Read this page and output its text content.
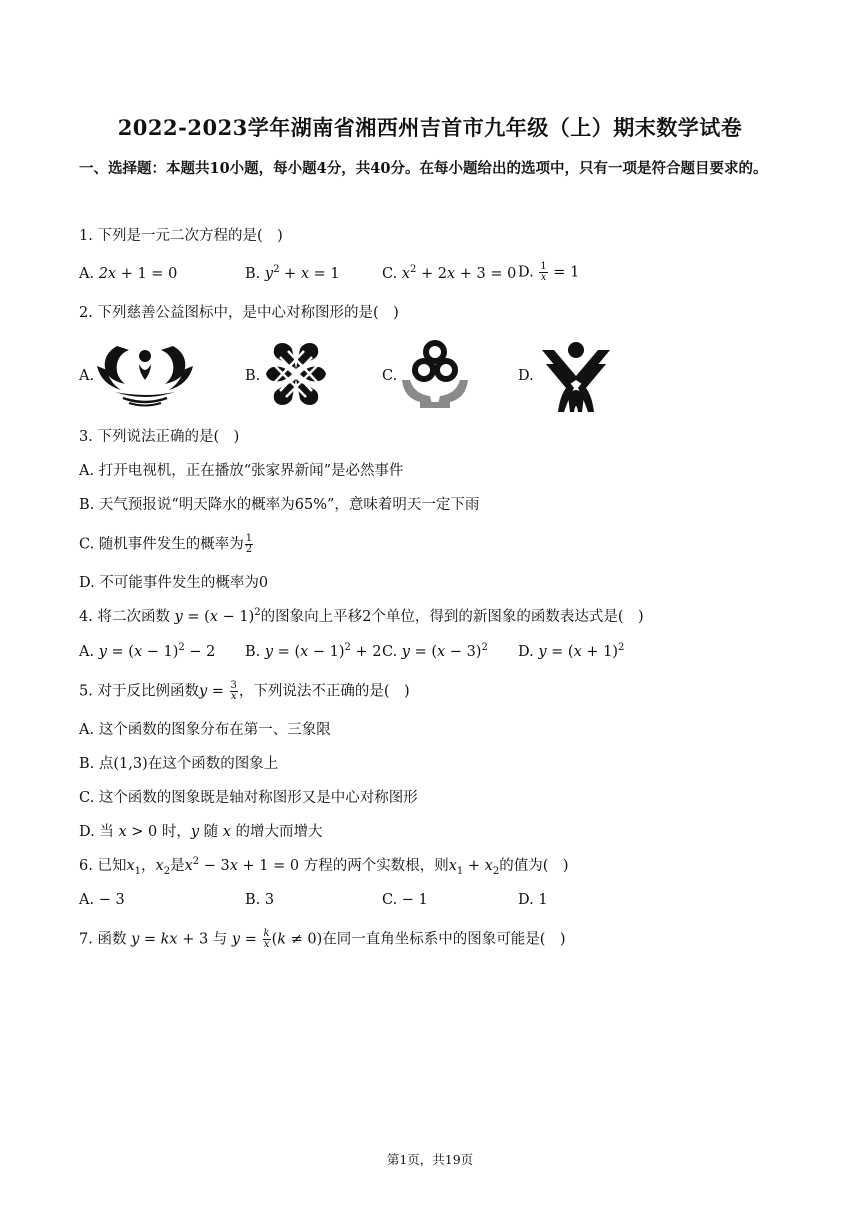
2022-2023学年湖南省湘西州吉首市九年级（上）期末数学试卷
一、选择题：本题共10小题，每小题4分，共40分。在每小题给出的选项中，只有一项是符合题目要求的。
1. 下列是一元二次方程的是(　)
A. 2x + 1 = 0	B. $y^2 + x = 1$	C. $x^2 + 2x + 3 = 0$ D. $\frac{1}{x} = 1$
2. 下列慈善公益图标中，是中心对称图形的是(　)
A.	B.	C.	D.
3. 下列说法正确的是(　)
A. 打开电视机，正在播放“张家界新闻”是必然事件
B. 天气预报说“明天降水的概率为65%”，意味着明天一定下雨
C. 随机事件发生的概率为 $\frac{1}{2}$
D. 不可能事件发生的概率为0
4. 将二次函数 $y = (x - 1)^2$的图象向上平移2个单位，得到的新图象的函数表达式是(　)
A. $y = (x - 1)^2 - 2$ B. $y = (x - 1)^2 + 2$ C. $y = (x - 3)^2$ D. $y = (x + 1)^2$
5. 对于反比例函数$y = \frac{3}{x}$ ，下列说法不正确的是(　)
A. 这个函数的图象分布在第一、三象限
B. 点(1,3)在这个函数的图象上
C. 这个函数的图象既是轴对称图形又是中心对称图形
D. 当 x > 0 时，y 随 x 的增大而增大
6. 已知$x_1$，$x_2$是$x^2 - 3x + 1 = 0$ 方程的两个实数根，则$x_1 + x_2$的值为(　)
A. − 3	B. 3	C. − 1	D. 1
7. 函数 y = kx + 3 与 $y = \frac{k}{x} (k \ne 0)$在同一直角坐标系中的图象可能是(　)
第1页，共19页
